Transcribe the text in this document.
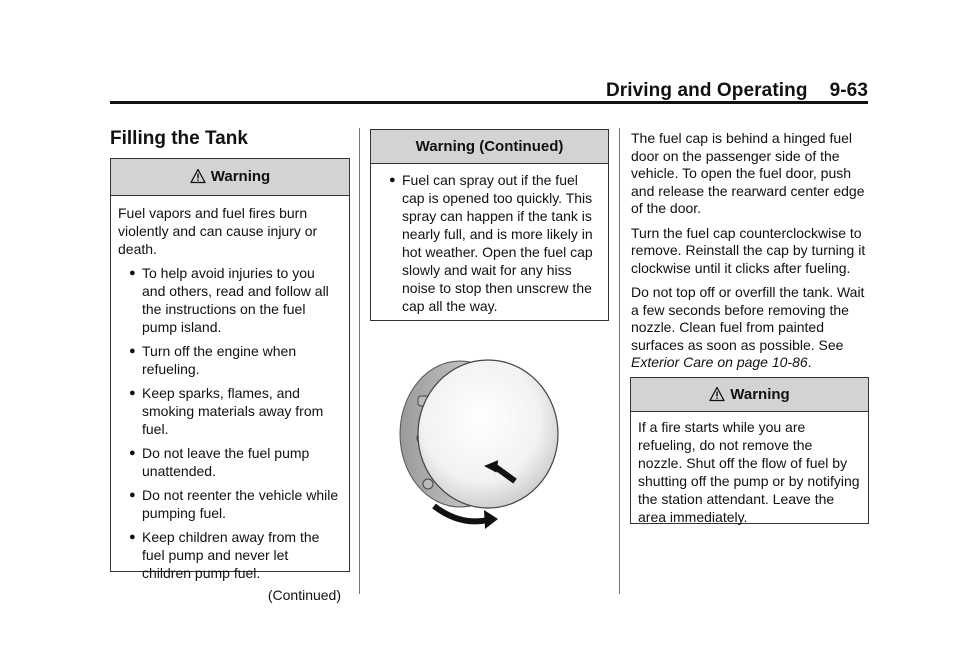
Driving and Operating 9-63
Filling the Tank
Warning

Fuel vapors and fuel fires burn violently and can cause injury or death.

● To help avoid injuries to you and others, read and follow all the instructions on the fuel pump island.
● Turn off the engine when refueling.
● Keep sparks, flames, and smoking materials away from fuel.
● Do not leave the fuel pump unattended.
● Do not reenter the vehicle while pumping fuel.
● Keep children away from the fuel pump and never let children pump fuel.
(Continued)
Warning (Continued)
● Fuel can spray out if the fuel cap is opened too quickly. This spray can happen if the tank is nearly full, and is more likely in hot weather. Open the fuel cap slowly and wait for any hiss noise to stop then unscrew the cap all the way.

The fuel cap is behind a hinged fuel door on the passenger side of the vehicle. To open the fuel door, push and release the rearward center edge of the door.

Turn the fuel cap counterclockwise to remove. Reinstall the cap by turning it clockwise until it clicks after fueling.

Do not top off or overfill the tank. Wait a few seconds before removing the nozzle. Clean fuel from painted surfaces as soon as possible. See Exterior Care on page 10-86.

Warning

If a fire starts while you are refueling, do not remove the nozzle. Shut off the flow of fuel by shutting off the pump or by notifying the station attendant. Leave the area immediately.
